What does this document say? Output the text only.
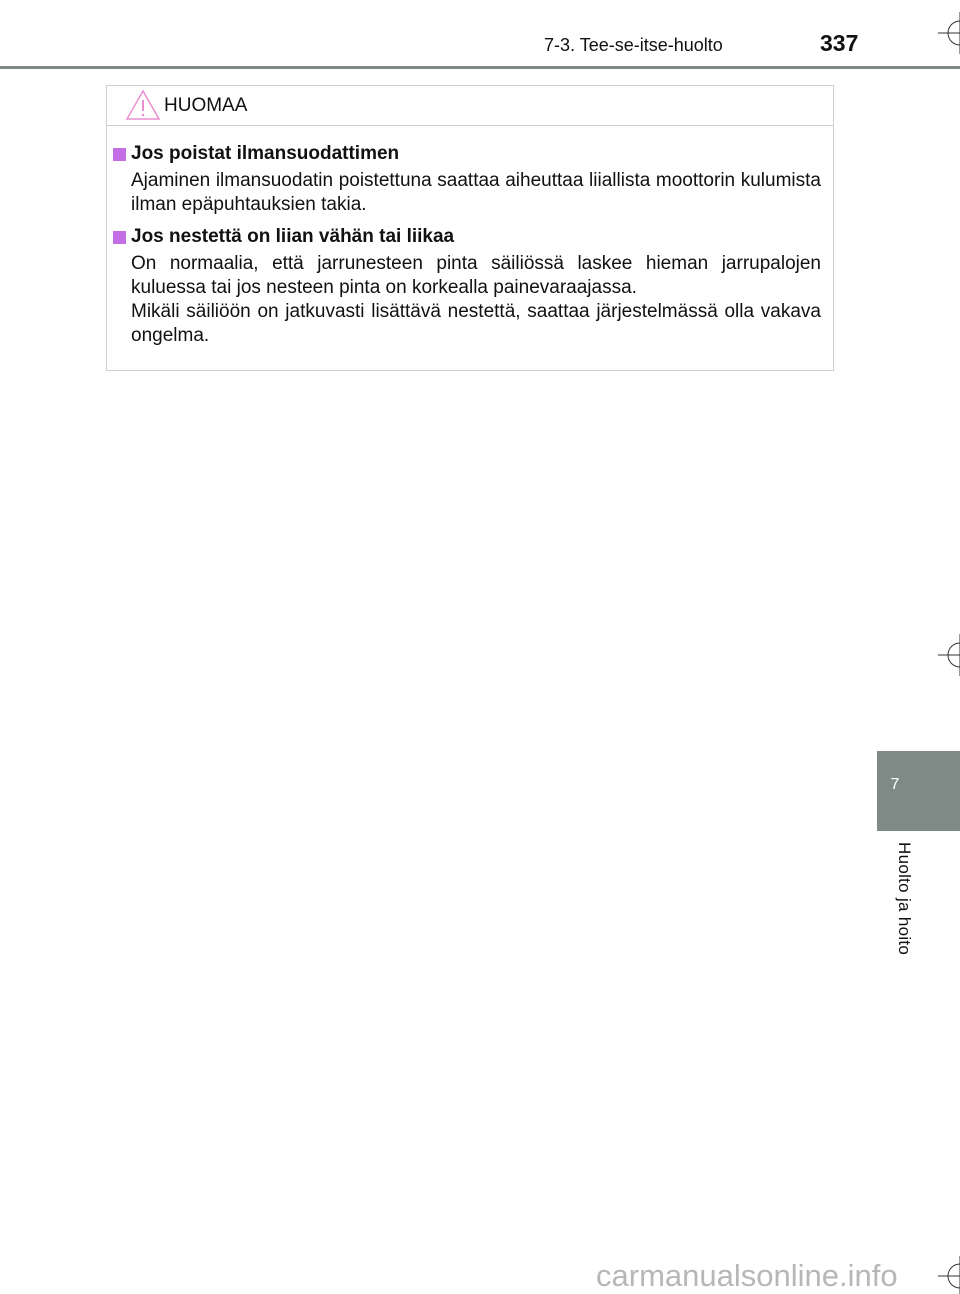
7-3. Tee-se-itse-huolto	337
HUOMAA
Jos poistat ilmansuodattimen
Ajaminen ilmansuodatin poistettuna saattaa aiheuttaa liiallista moottorin kulumista ilman epäpuhtauksien takia.
Jos nestettä on liian vähän tai liikaa
On normaalia, että jarrunesteen pinta säiliössä laskee hieman jarrupalojen kuluessa tai jos nesteen pinta on korkealla painevaraajassa.
Mikäli säiliöön on jatkuvasti lisättävä nestettä, saattaa järjestelmässä olla vakava ongelma.
7
Huolto ja hoito
carmanualsonline.info
